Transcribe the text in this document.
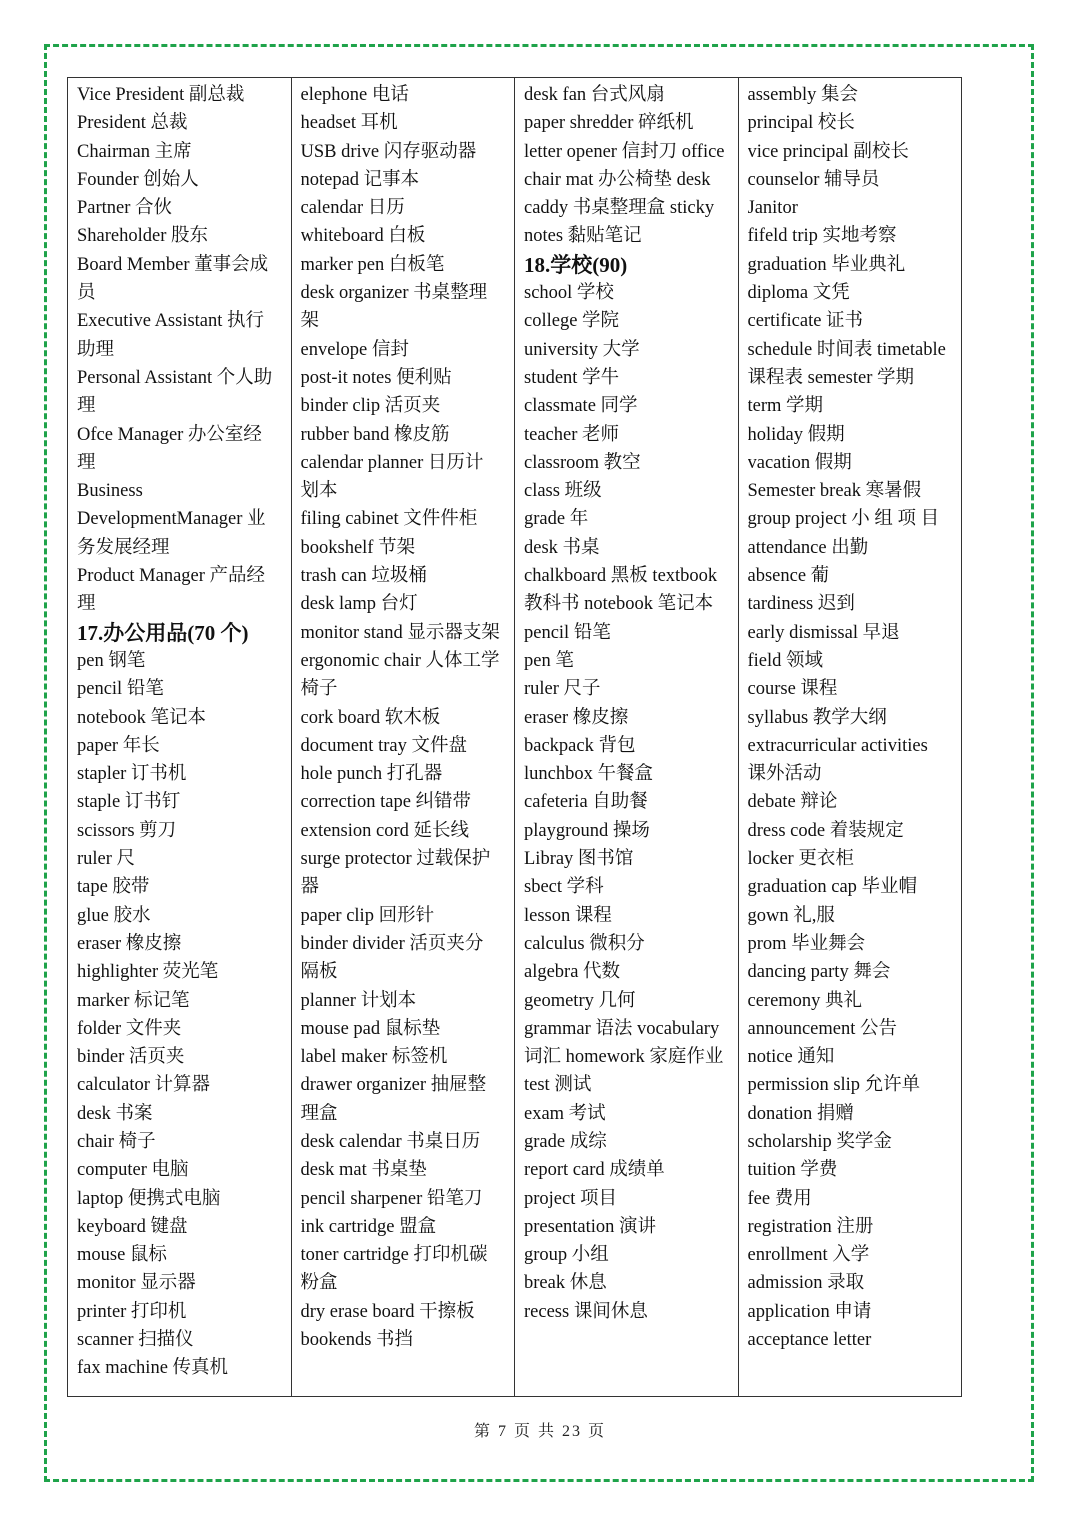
Vice President 副总裁
President 总裁
Chairman 主席
Founder 创始人
Partner 合伙
Shareholder 股东
Board Member 董事会成
员
Executive Assistant 执行
助理
Personal Assistant 个人助
理
Ofce Manager 办公室经
理
Business
DevelopmentManager 业
务发展经理
Product Manager 产品经
理
17.办公用品(70 个)
pen 钢笔
pencil 铅笔
notebook 笔记本
paper 年长
stapler 订书机
staple 订书钉
scissors 剪刀
ruler 尺
tape 胶带
glue 胶水
eraser 橡皮擦
highlighter 荧光笔
marker 标记笔
folder 文件夹
binder 活页夹
calculator 计算器
desk 书案
chair 椅子
computer 电脑
laptop 便携式电脑
keyboard 键盘
mouse 鼠标
monitor 显示器
printer 打印机
scanner 扫描仪
fax machine 传真机
elephone 电话
headset 耳机
USB drive 闪存驱动器
notepad 记事本
calendar 日历
whiteboard 白板
marker pen 白板笔
desk organizer 书桌整理
架
envelope 信封
post-it notes 便利贴
binder clip 活页夹
rubber band 橡皮筋
calendar planner 日历计
划本
filing cabinet 文件件柜
bookshelf 节架
trash can 垃圾桶
desk lamp 台灯
monitor stand 显示器支架
ergonomic chair 人体工学
椅子
cork board 软木板
document tray 文件盘
hole punch 打孔器
correction tape 纠错带
extension cord 延长线
surge protector 过载保护
器
paper clip 回形针
binder divider 活页夹分
隔板
planner 计划本
mouse pad 鼠标垫
label maker 标签机
drawer organizer 抽屉整
理盒
desk calendar 书桌日历
desk mat 书桌垫
pencil sharpener 铅笔刀
ink cartridge 盟盒
toner cartridge 打印机碳
粉盒
dry erase board 干擦板
bookends 书挡
desk fan 台式风扇
paper shredder 碎纸机
letter opener 信封刀 office
chair mat 办公椅垫 desk
caddy 书桌整理盒 sticky
notes 黏贴笔记
18.学校(90)
school 学校
college 学院
university 大学
student 学牛
classmate 同学
teacher 老师
classroom 教空
class 班级
grade 年
desk 书桌
chalkboard 黑板 textbook
教科书 notebook 笔记本
pencil 铅笔
pen 笔
ruler 尺子
eraser 橡皮擦
backpack 背包
lunchbox 午餐盒
cafeteria 自助餐
playground 操场
Libray 图书馆
sbect 学科
lesson 课程
calculus 微积分
algebra 代数
geometry 几何
grammar 语法 vocabulary
词汇 homework 家庭作业
test 测试
exam 考试
grade 成综
report card 成绩单
project 项目
presentation 演讲
group 小组
break 休息
recess 课间休息
assembly 集会
principal 校长
vice principal 副校长
counselor 辅导员
Janitor
fifeld trip 实地考察
graduation 毕业典礼
diploma 文凭
certificate 证书
schedule 时间表 timetable
课程表 semester 学期
term 学期
holiday 假期
vacation 假期
Semester break 寒暑假
group project 小 组 项 目
attendance 出勤
absence 葡
tardiness 迟到
early dismissal 早退
field 领域
course 课程
syllabus 教学大纲
extracurricular activities
课外活动
debate 辩论
dress code 着装规定
locker 更衣柜
graduation cap 毕业帽
gown 礼,服
prom 毕业舞会
dancing party 舞会
ceremony 典礼
announcement 公告
notice 通知
permission slip 允许单
donation 捐赠
scholarship 奖学金
tuition 学费
fee 费用
registration 注册
enrollment 入学
admission 录取
application 申请
acceptance letter
第 7 页 共 23 页
